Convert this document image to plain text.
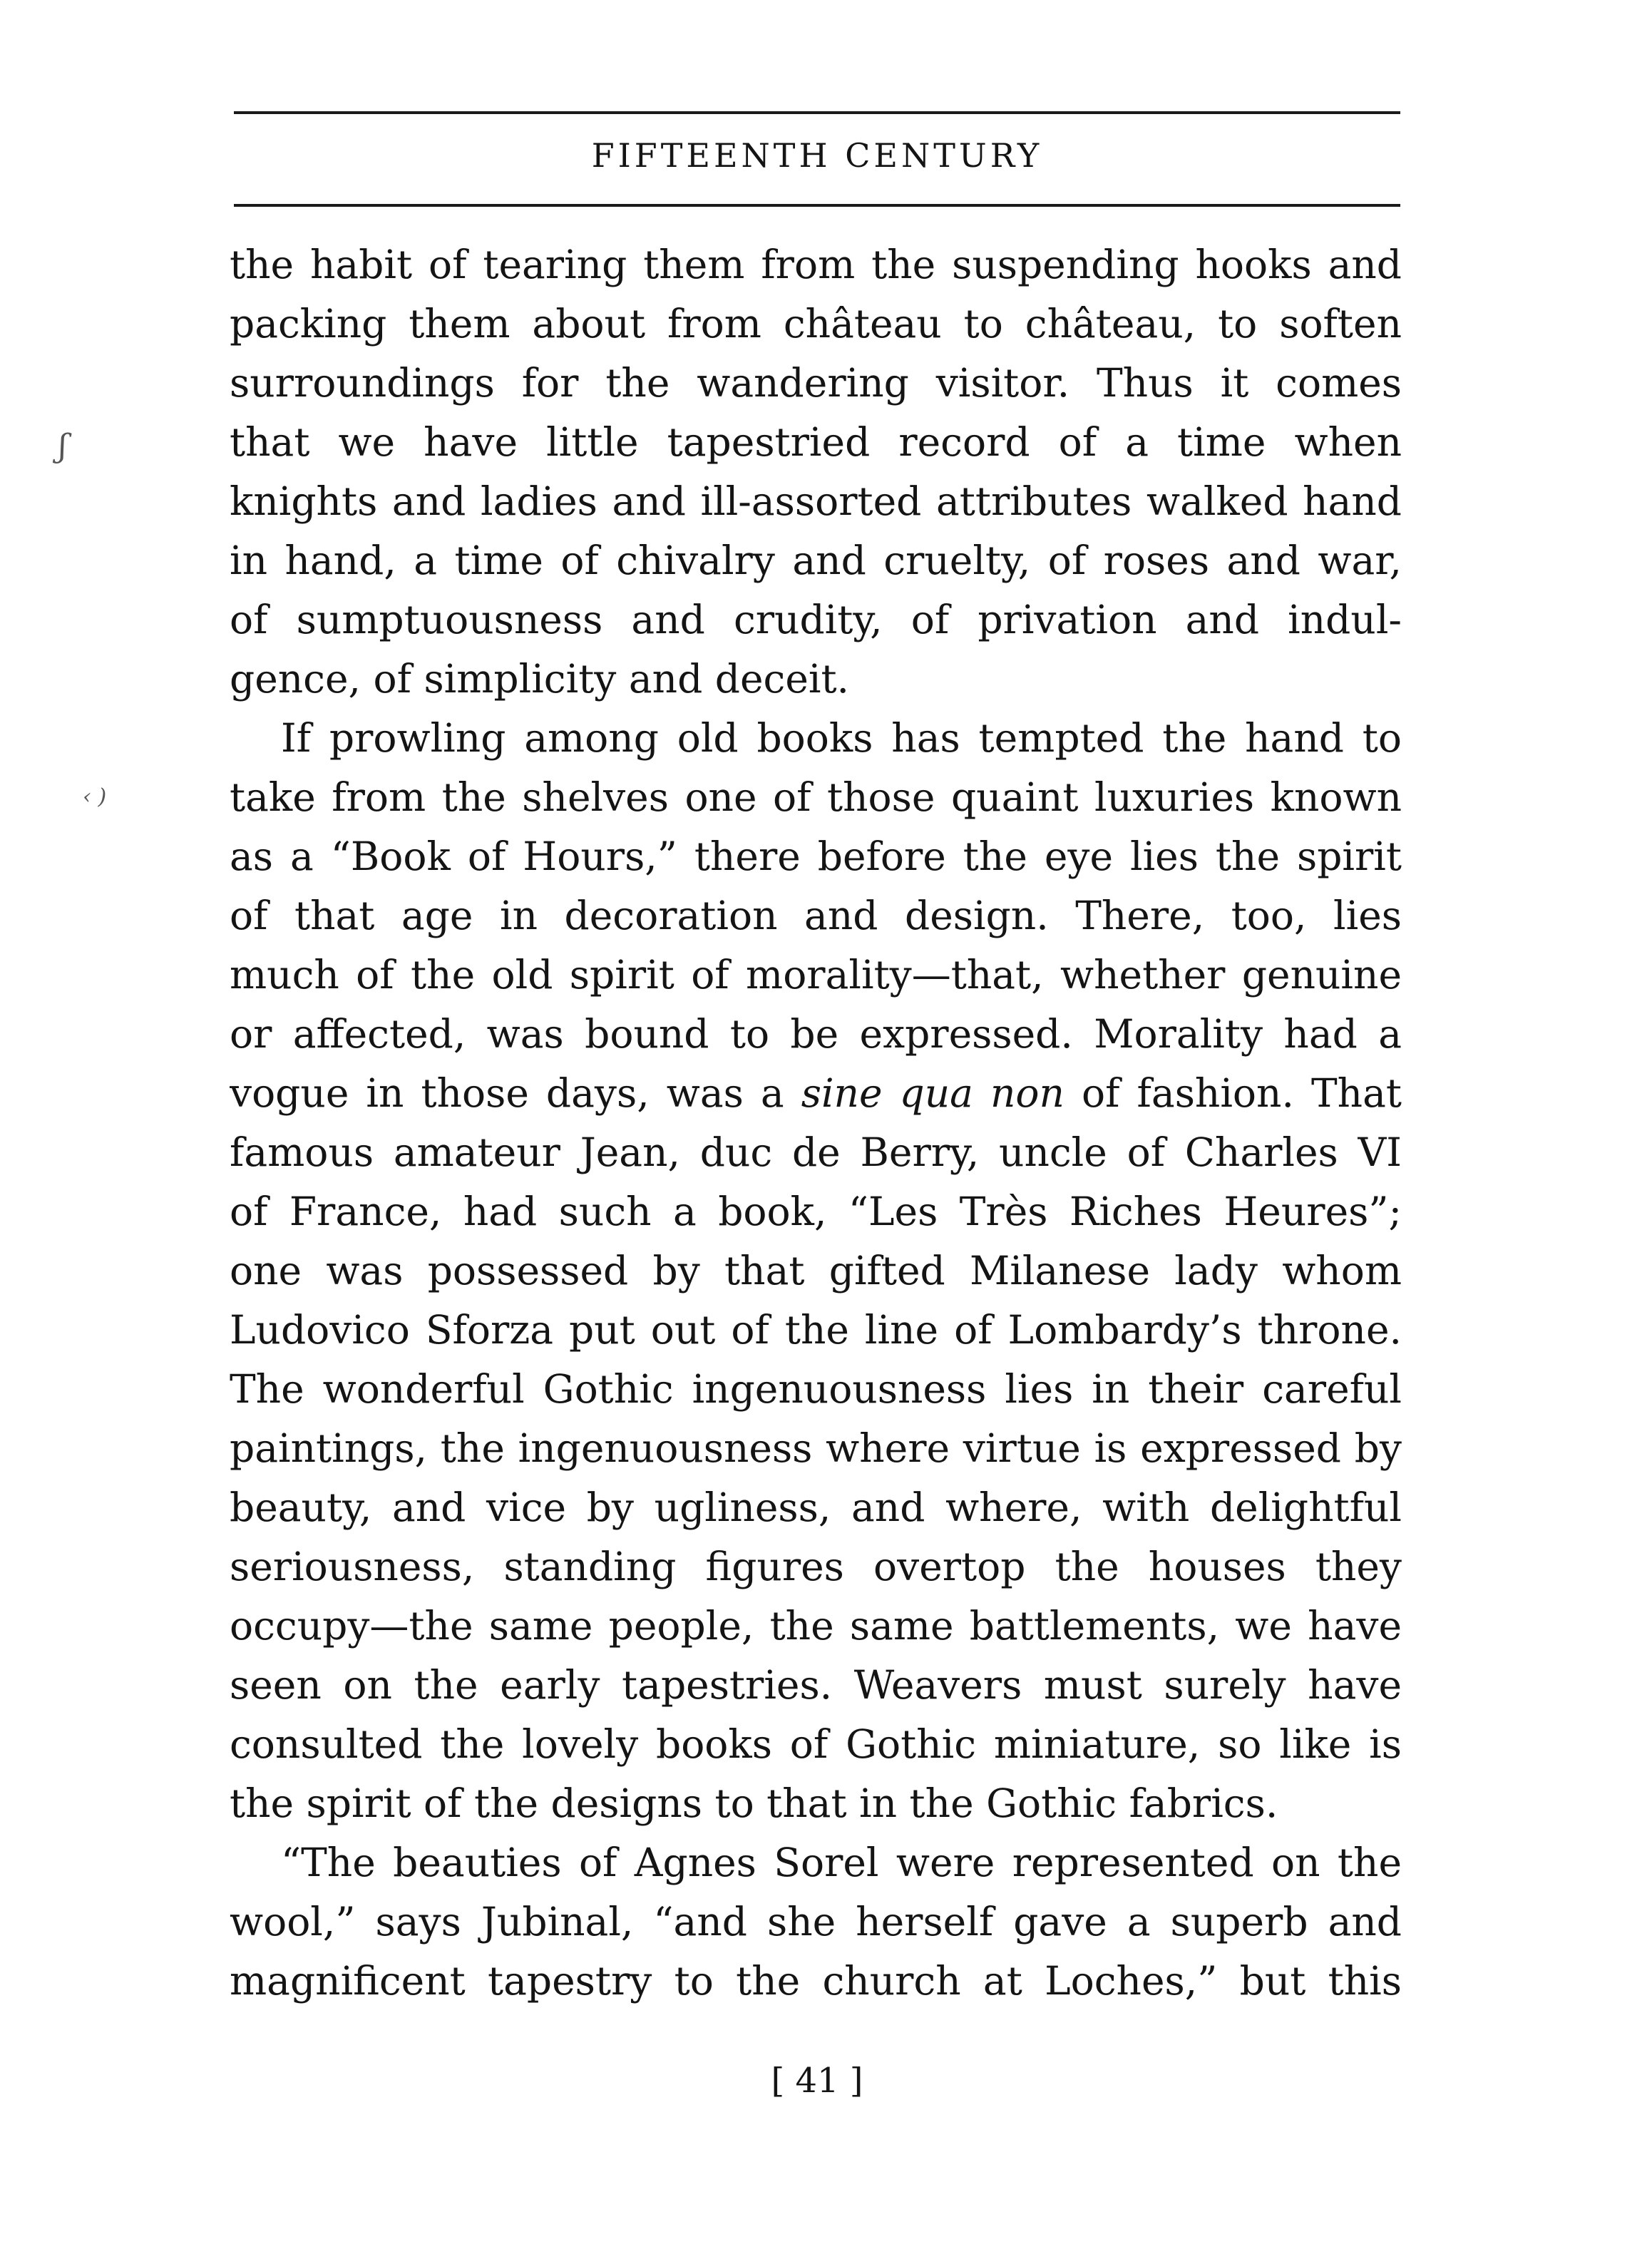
FIFTEENTH CENTURY
ʃ
‹ )
the habit of tearing them from the suspending hooks and
packing them about from château to château, to soften
surroundings for the wandering visitor. Thus it comes
that we have little tapestried record of a time when
knights and ladies and ill-assorted attributes walked hand
in hand, a time of chivalry and cruelty, of roses and war,
of sumptuousness and crudity, of privation and indul-
gence, of simplicity and deceit.
If prowling among old books has tempted the hand to
take from the shelves one of those quaint luxuries known
as a “Book of Hours,” there before the eye lies the spirit
of that age in decoration and design. There, too, lies
much of the old spirit of morality—that, whether genuine
or affected, was bound to be expressed. Morality had a
vogue in those days, was a sine qua non of fashion. That
famous amateur Jean, duc de Berry, uncle of Charles VI
of France, had such a book, “Les Très Riches Heures”;
one was possessed by that gifted Milanese lady whom
Ludovico Sforza put out of the line of Lombardy’s throne.
The wonderful Gothic ingenuousness lies in their careful
paintings, the ingenuousness where virtue is expressed by
beauty, and vice by ugliness, and where, with delightful
seriousness, standing figures overtop the houses they
occupy—the same people, the same battlements, we have
seen on the early tapestries. Weavers must surely have
consulted the lovely books of Gothic miniature, so like is
the spirit of the designs to that in the Gothic fabrics.
“The beauties of Agnes Sorel were represented on the
wool,” says Jubinal, “and she herself gave a superb and
magnificent tapestry to the church at Loches,” but this
[ 41 ]
